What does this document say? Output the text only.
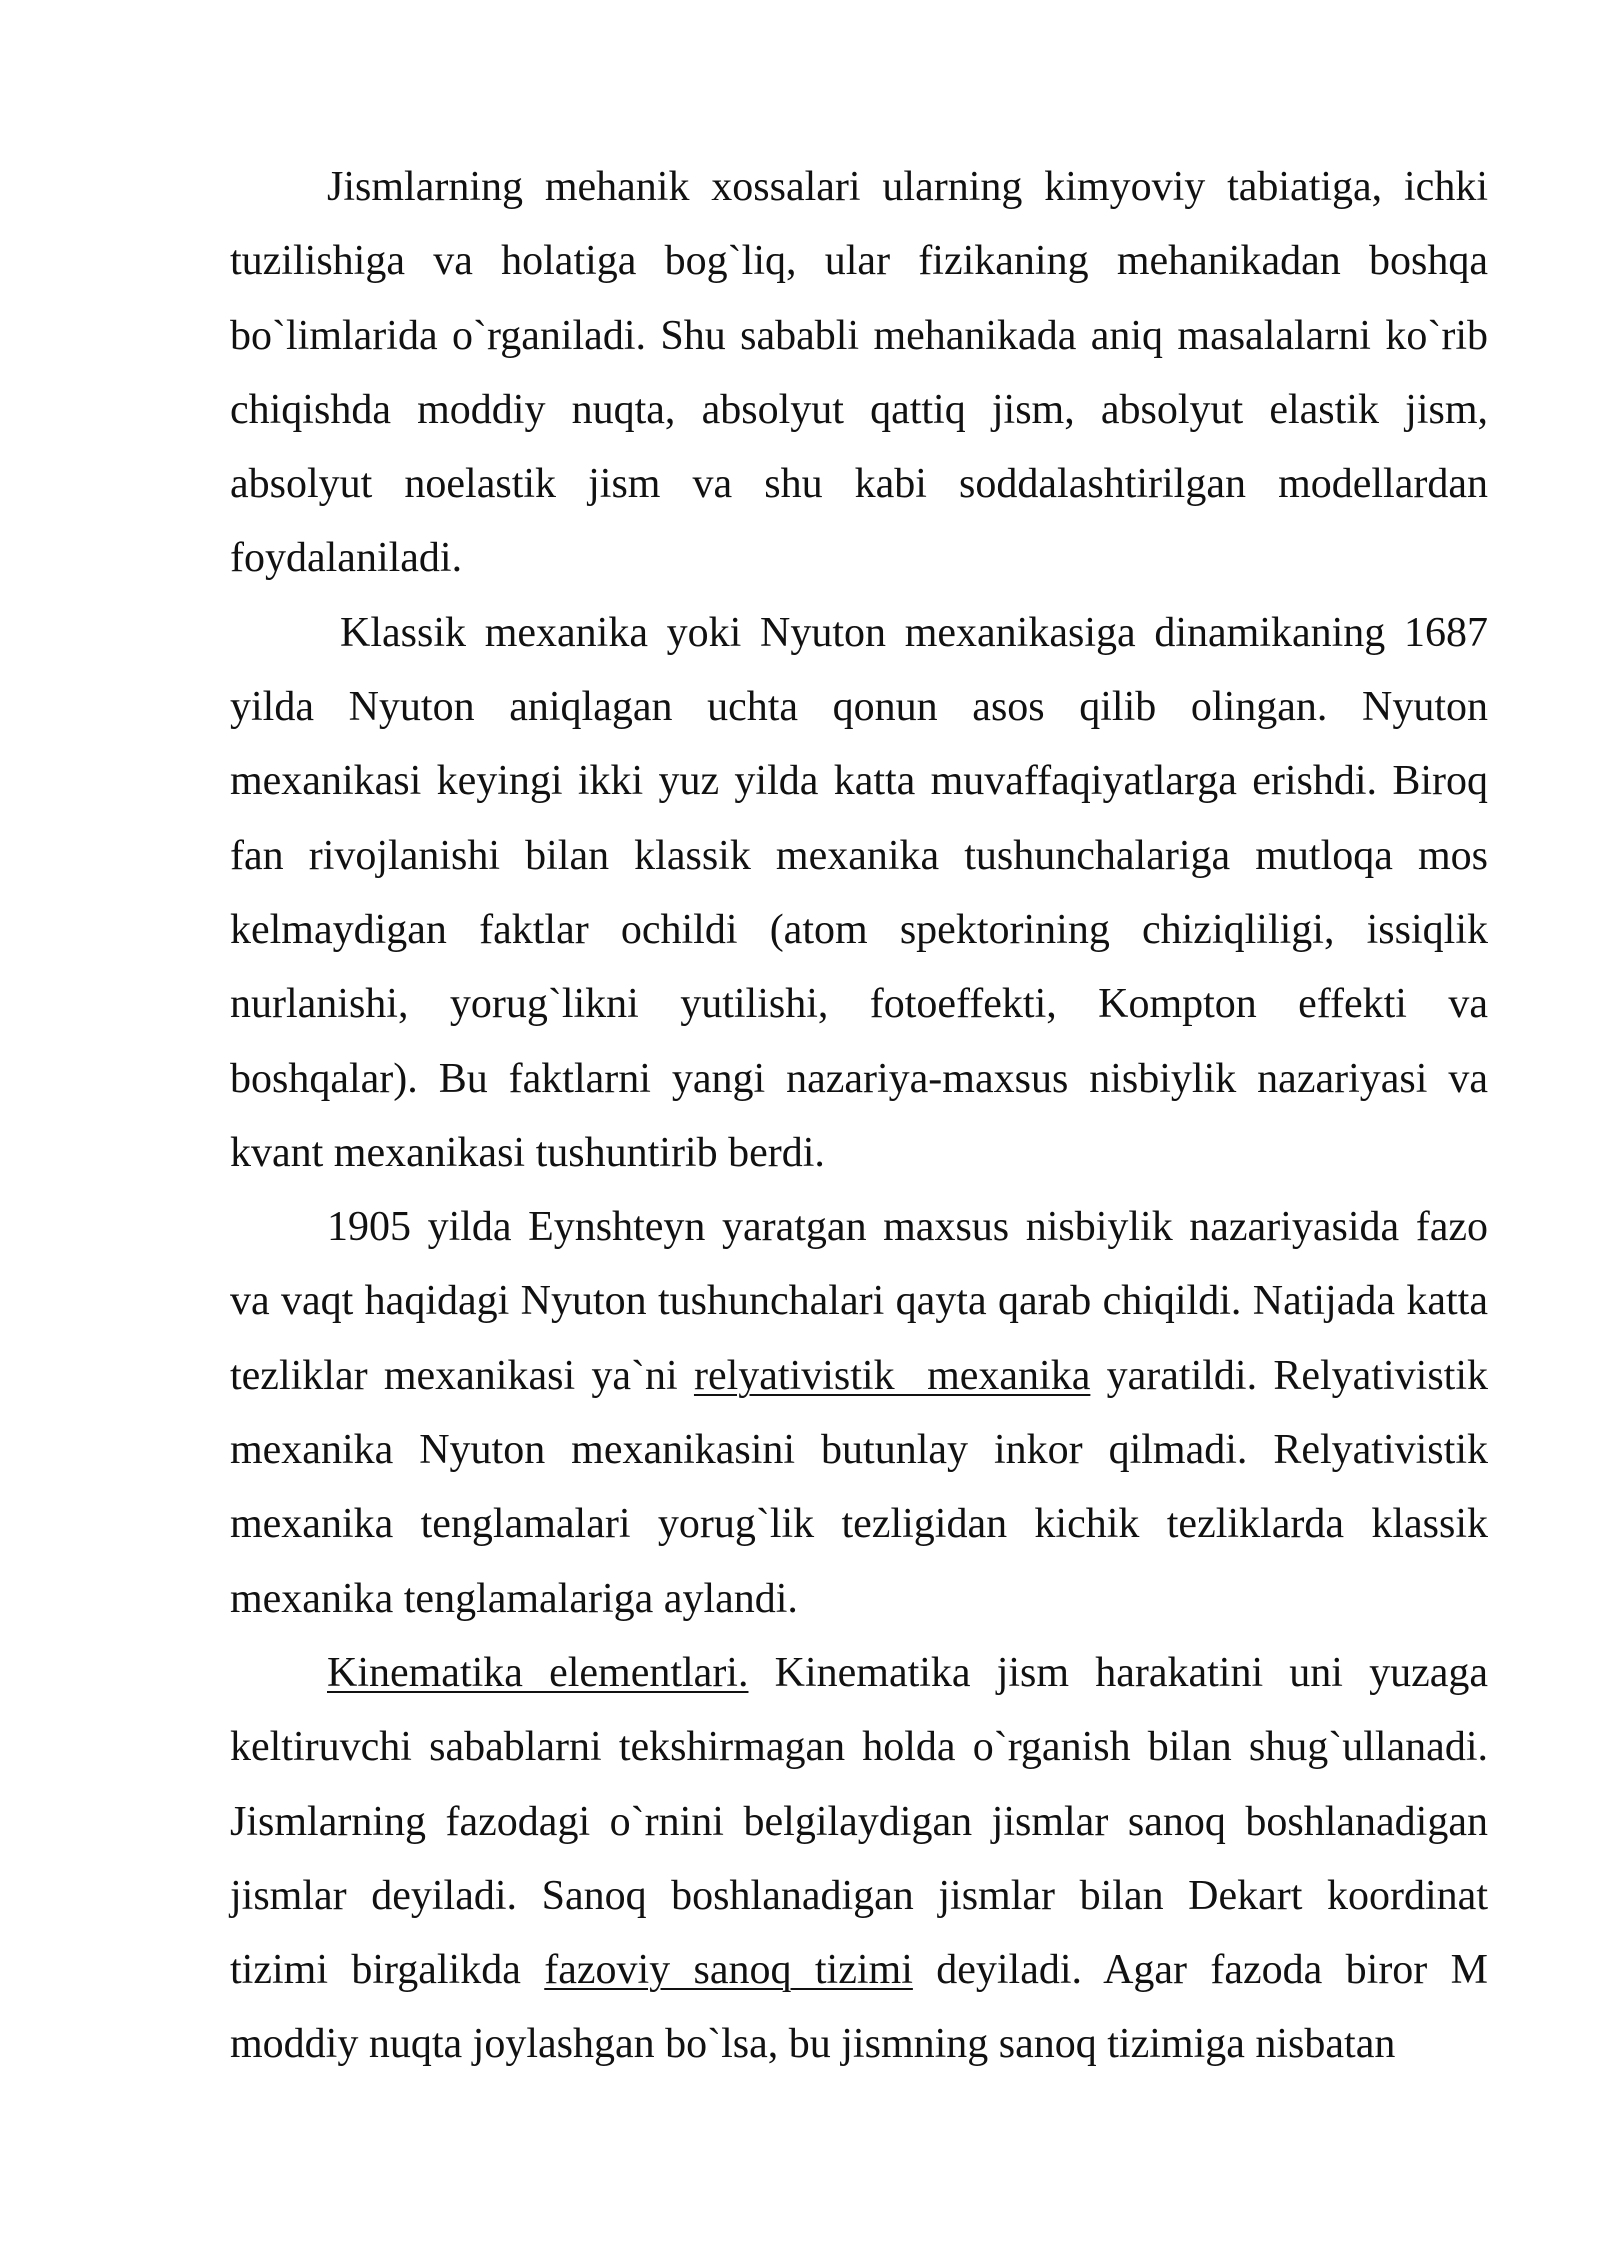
Jismlarning mehanik xossalari ularning kimyoviy tabiatiga, ichki tuzilishiga va holatiga bog`liq, ular fizikaning mehanikadan boshqa bo`limlarida o`rganiladi. Shu sababli mehanikada aniq masalalarni ko`rib chiqishda moddiy nuqta, absolyut qattiq jism, absolyut elastik jism, absolyut noelastik jism va shu kabi soddalashtirilgan modellardan foydalaniladi.

Klassik mexanika yoki Nyuton mexanikasiga dinamikaning 1687 yilda Nyuton aniqlagan uchta qonun asos qilib olingan. Nyuton mexanikasi keyingi ikki yuz yilda katta muvaffaqiyatlarga erishdi. Biroq fan rivojlanishi bilan klassik mexanika tushunchalariga mutloqa mos kelmaydigan faktlar ochildi (atom spektorining chiziqliligi, issiqlik nurlanishi, yorug`likni yutilishi, fotoeffekti, Kompton effekti va boshqalar). Bu faktlarni yangi nazariya-maxsus nisbiylik nazariyasi va kvant mexanikasi tushuntirib berdi.

1905 yilda Eynshteyn yaratgan maxsus nisbiylik nazariyasida fazo va vaqt haqidagi Nyuton tushunchalari qayta qarab chiqildi. Natijada katta tezliklar mexanikasi ya`ni relyativistik  mexanika yaratildi. Relyativistik mexanika Nyuton mexanikasini butunlay inkor qilmadi. Relyativistik mexanika tenglamalari yorug`lik tezligidan kichik tezliklarda klassik mexanika tenglamalariga aylandi.

Kinematika elementlari. Kinematika jism harakatini uni yuzaga keltiruvchi sabablarni tekshirmagan holda o`rganish bilan shug`ullanadi. Jismlarning fazodagi o`rnini belgilaydigan jismlar sanoq boshlanadigan jismlar deyiladi. Sanoq boshlanadigan jismlar bilan Dekart koordinat tizimi birgalikda fazoviy sanoq tizimi deyiladi. Agar fazoda biror M moddiy nuqta joylashgan bo`lsa, bu jismning sanoq tizimiga nisbatan
